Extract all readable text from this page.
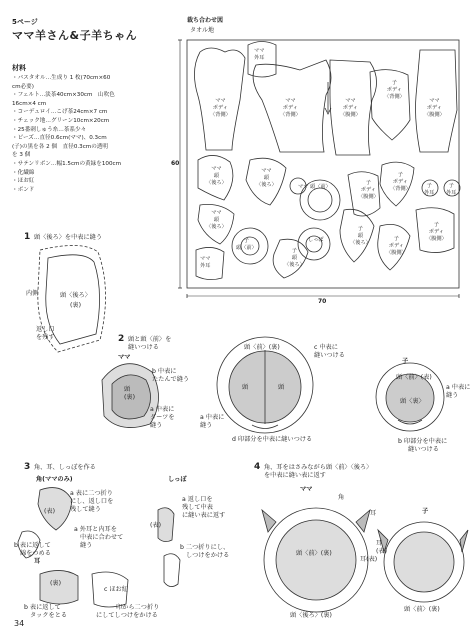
5ページ
ママ羊さん&子羊ちゃん
材料
・バスタオル…生成り 1 枚(70cm×60
cm必要)
・フェルト…淡茶40cm×30cm　山吹色
16cm×4 cm
・コーデュロイ…こげ茶24cm×7 cm
・チェック地…グリーン10cm×20cm
・25番刺しゅう糸…茶系少々
・ビーズ…直径0.6cm(ママ)、0.3cm
(子)の黒を各 2 個　直径0.3cmの透明
を 3 個
・サテンリボン…幅1.5cmの黄緑を100cm
・化繊綿
・ほお紅
・ボンド
裁ち合わせ図
タオル地
60
70
ママ
外耳
ママ
ボディ
〈背側〉
ママ
ボディ
〈背側〉
ママ
ボディ
〈腹側〉
子
ボディ
〈背側〉
ママ
ボディ
〈腹側〉
ママ
頭
〈後ろ〉
ママ
頭
〈後ろ〉
ママ
頭
〈後ろ〉	ママ 頭〈前〉
子
ボディ
〈腹側〉
子
ボディ
〈背側〉	子
外耳
子
外耳
ママ
外耳
子
頭〈前〉	子
頭
〈後ろ〉
子
頭
〈後ろ〉
子
ボディ
〈腹側〉
子
ボディ
〈腹側〉
しっぽ
1 頭〈後ろ〉を中表に縫う
内側	頭〈後ろ〉
(裏)
返し口
を残す	2 頭と頭〈前〉を
縫いつける
ママ
b 中表に
たたんで縫う
頭
(裏)
a 中表に
ダーツを
縫う
頭〈前〉(裏)	c 中表に
縫いつける
頭	頭
d 印部分を中表に縫いつける
a 中表に
縫う
子
頭〈前〉(表)
頭〈裏〉
a 中表に
縫う
b 印部分を中表に
縫いつける
3 角、耳、しっぽを作る
角(ママのみ)
a 表に二つ折り
にし、返し口を
残して縫う
(表)
b 表に返して
綿をつめる
a 外耳と内耳を
中表に合わせて
縫う
耳
(裏)
c ほお紅
b 表に返して
タックをとる
印から二つ折り
にしてしつけをかける
しっぽ
a 返し口を
残して中表
に縫い表に返す
b 二つ折りにし、
しつけをかける
(表)
4 角、耳をはさみながら頭〈前〉〈後ろ〉
を中表に縫い表に返す
ママ
角
耳
頭〈前〉(裏)
耳(表)
頭〈後ろ〉(裏)
子
頭〈前〉(裏)
耳
(表)
34
